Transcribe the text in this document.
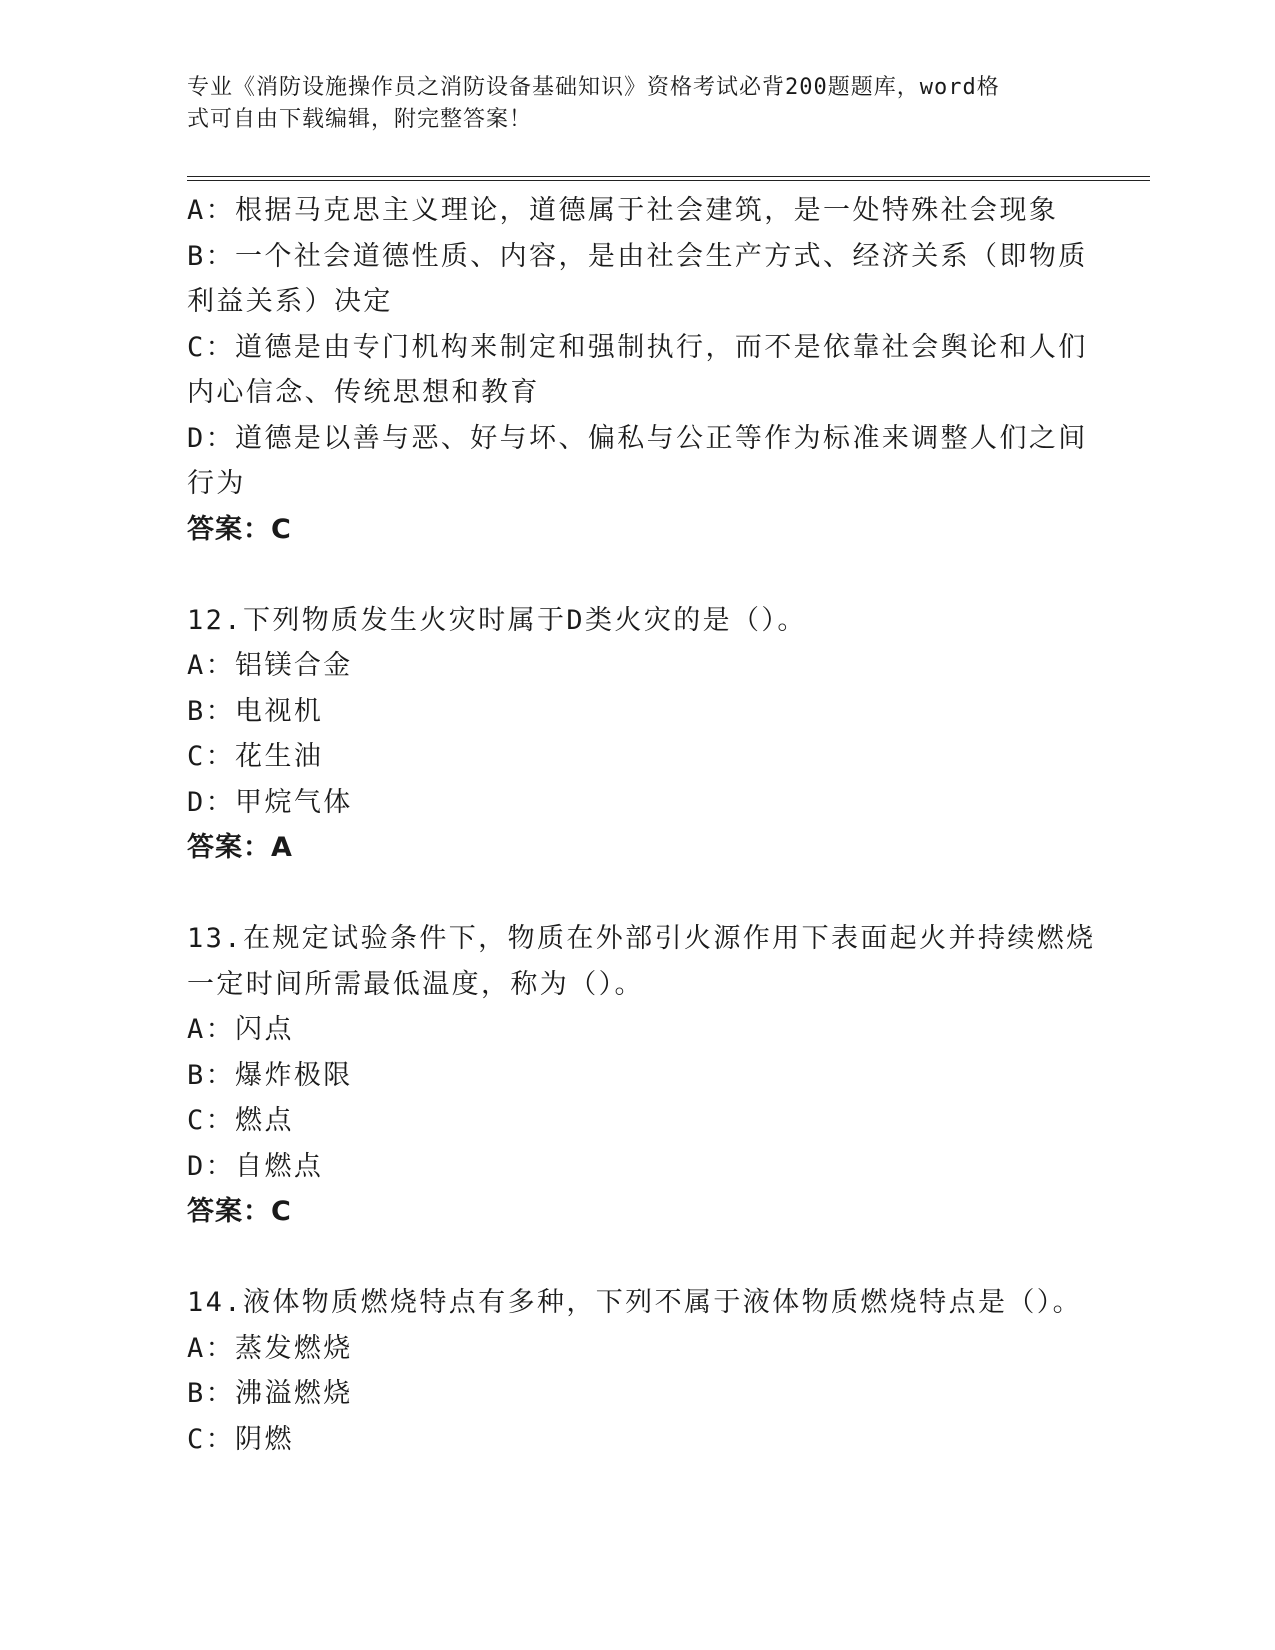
专业《消防设施操作员之消防设备基础知识》资格考试必背200题题库，word格
式可自由下载编辑，附完整答案！
A：根据马克思主义理论，道德属于社会建筑，是一处特殊社会现象
B：一个社会道德性质、内容，是由社会生产方式、经济关系（即物质
利益关系）决定
C：道德是由专门机构来制定和强制执行，而不是依靠社会舆论和人们
内心信念、传统思想和教育
D：道德是以善与恶、好与坏、偏私与公正等作为标准来调整人们之间
行为
答案：C
12.下列物质发生火灾时属于D类火灾的是（）。
A：铝镁合金
B：电视机
C：花生油
D：甲烷气体
答案：A
13.在规定试验条件下，物质在外部引火源作用下表面起火并持续燃烧
一定时间所需最低温度，称为（）。
A：闪点
B：爆炸极限
C：燃点
D：自燃点
答案：C
14.液体物质燃烧特点有多种，下列不属于液体物质燃烧特点是（）。
A：蒸发燃烧
B：沸溢燃烧
C：阴燃
